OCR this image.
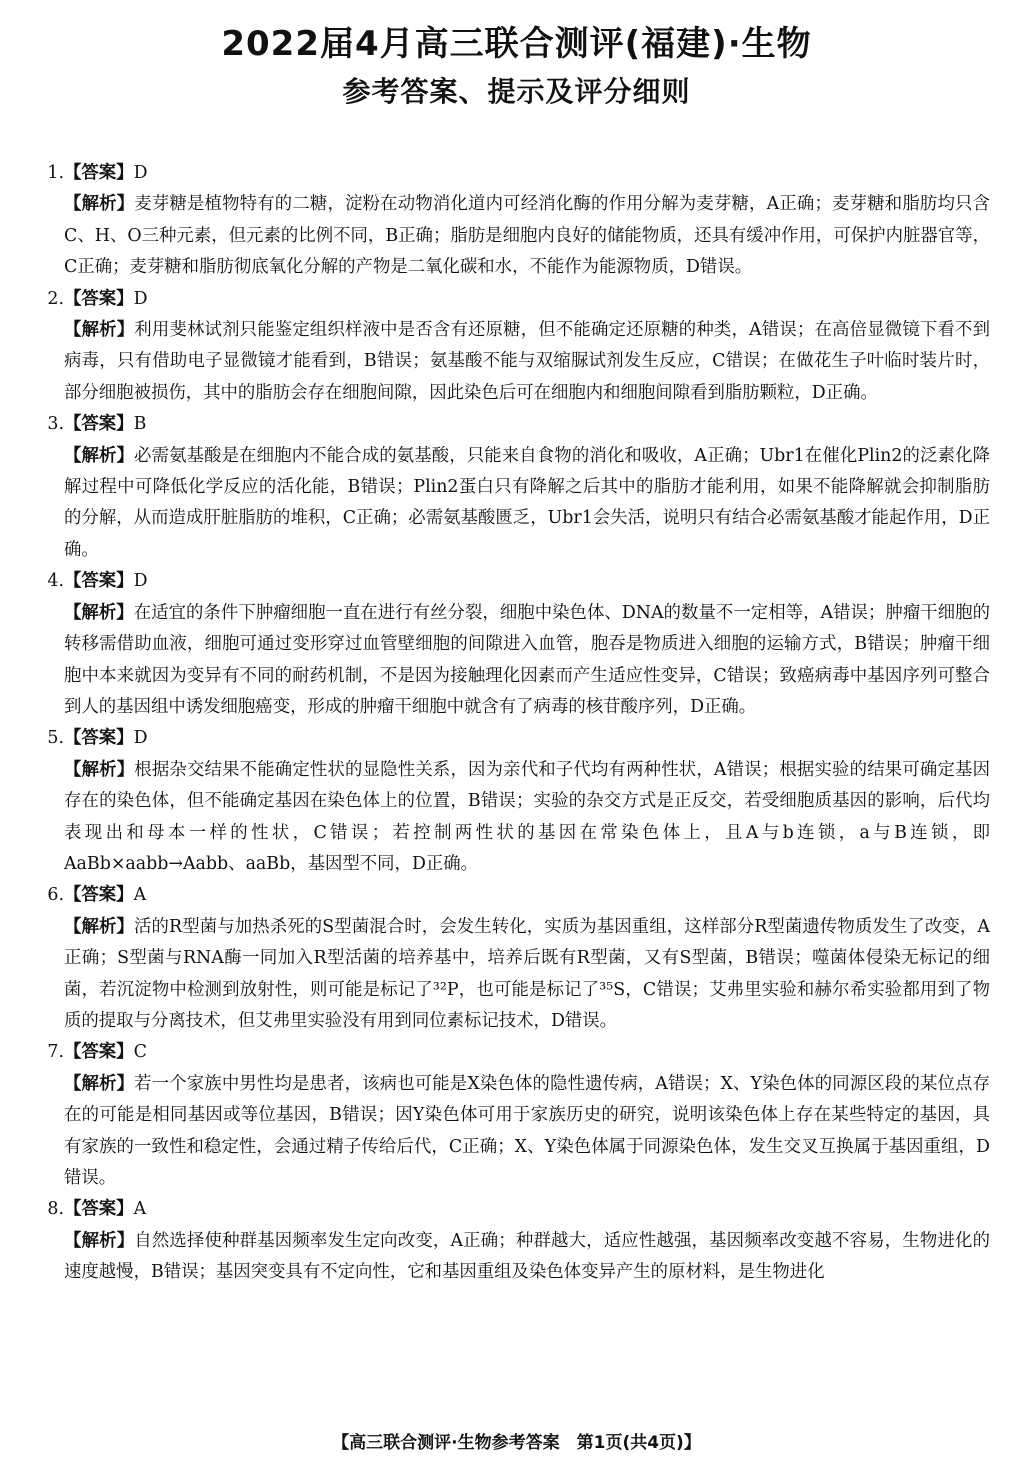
2022届4月高三联合测评(福建)·生物
参考答案、提示及评分细则
1. 【答案】 D
【解析】麦芽糖是植物特有的二糖，淀粉在动物消化道内可经消化酶的作用分解为麦芽糖，A正确；麦芽糖和脂肪均只含C、H、O三种元素，但元素的比例不同，B正确；脂肪是细胞内良好的储能物质，还具有缓冲作用，可保护内脏器官等，C正确；麦芽糖和脂肪彻底氧化分解的产物是二氧化碳和水，不能作为能源物质，D错误。
2. 【答案】 D
【解析】利用斐林试剂只能鉴定组织样液中是否含有还原糖，但不能确定还原糖的种类，A错误；在高倍显微镜下看不到病毒，只有借助电子显微镜才能看到，B错误；氨基酸不能与双缩脲试剂发生反应，C错误；在做花生子叶临时装片时，部分细胞被损伤，其中的脂肪会存在细胞间隙，因此染色后可在细胞内和细胞间隙看到脂肪颗粒，D正确。
3. 【答案】 B
【解析】必需氨基酸是在细胞内不能合成的氨基酸，只能来自食物的消化和吸收，A正确；Ubr1在催化Plin2的泛素化降解过程中可降低化学反应的活化能，B错误；Plin2蛋白只有降解之后其中的脂肪才能利用，如果不能降解就会抑制脂肪的分解，从而造成肝脏脂肪的堆积，C正确；必需氨基酸匮乏，Ubr1会失活，说明只有结合必需氨基酸才能起作用，D正确。
4. 【答案】 D
【解析】在适宜的条件下肿瘤细胞一直在进行有丝分裂，细胞中染色体、DNA的数量不一定相等，A错误；肿瘤干细胞的转移需借助血液，细胞可通过变形穿过血管壁细胞的间隙进入血管，胞吞是物质进入细胞的运输方式，B错误；肿瘤干细胞中本来就因为变异有不同的耐药机制，不是因为接触理化因素而产生适应性变异，C错误；致癌病毒中基因序列可整合到人的基因组中诱发细胞癌变，形成的肿瘤干细胞中就含有了病毒的核苷酸序列，D正确。
5. 【答案】 D
【解析】根据杂交结果不能确定性状的显隐性关系，因为亲代和子代均有两种性状，A错误；根据实验的结果可确定基因存在的染色体，但不能确定基因在染色体上的位置，B错误；实验的杂交方式是正反交，若受细胞质基因的影响，后代均表现出和母本一样的性状，C错误；若控制两性状的基因在常染色体上，且A与b连锁，a与B连锁，即AaBb×aabb→Aabb、aaBb，基因型不同，D正确。
6. 【答案】 A
【解析】活的R型菌与加热杀死的S型菌混合时，会发生转化，实质为基因重组，这样部分R型菌遗传物质发生了改变，A正确；S型菌与RNA酶一同加入R型活菌的培养基中，培养后既有R型菌，又有S型菌，B错误；噬菌体侵染无标记的细菌，若沉淀物中检测到放射性，则可能是标记了³²P，也可能是标记了³⁵S，C错误；艾弗里实验和赫尔希实验都用到了物质的提取与分离技术，但艾弗里实验没有用到同位素标记技术，D错误。
7. 【答案】 C
【解析】若一个家族中男性均是患者，该病也可能是X染色体的隐性遗传病，A错误；X、Y染色体的同源区段的某位点存在的可能是相同基因或等位基因，B错误；因Y染色体可用于家族历史的研究，说明该染色体上存在某些特定的基因，具有家族的一致性和稳定性，会通过精子传给后代，C正确；X、Y染色体属于同源染色体，发生交叉互换属于基因重组，D错误。
8. 【答案】 A
【解析】自然选择使种群基因频率发生定向改变，A正确；种群越大，适应性越强，基因频率改变越不容易，生物进化的速度越慢，B错误；基因突变具有不定向性，它和基因重组及染色体变异产生的原材料，是生物进化
【高三联合测评·生物参考答案　第1页(共4页)】
